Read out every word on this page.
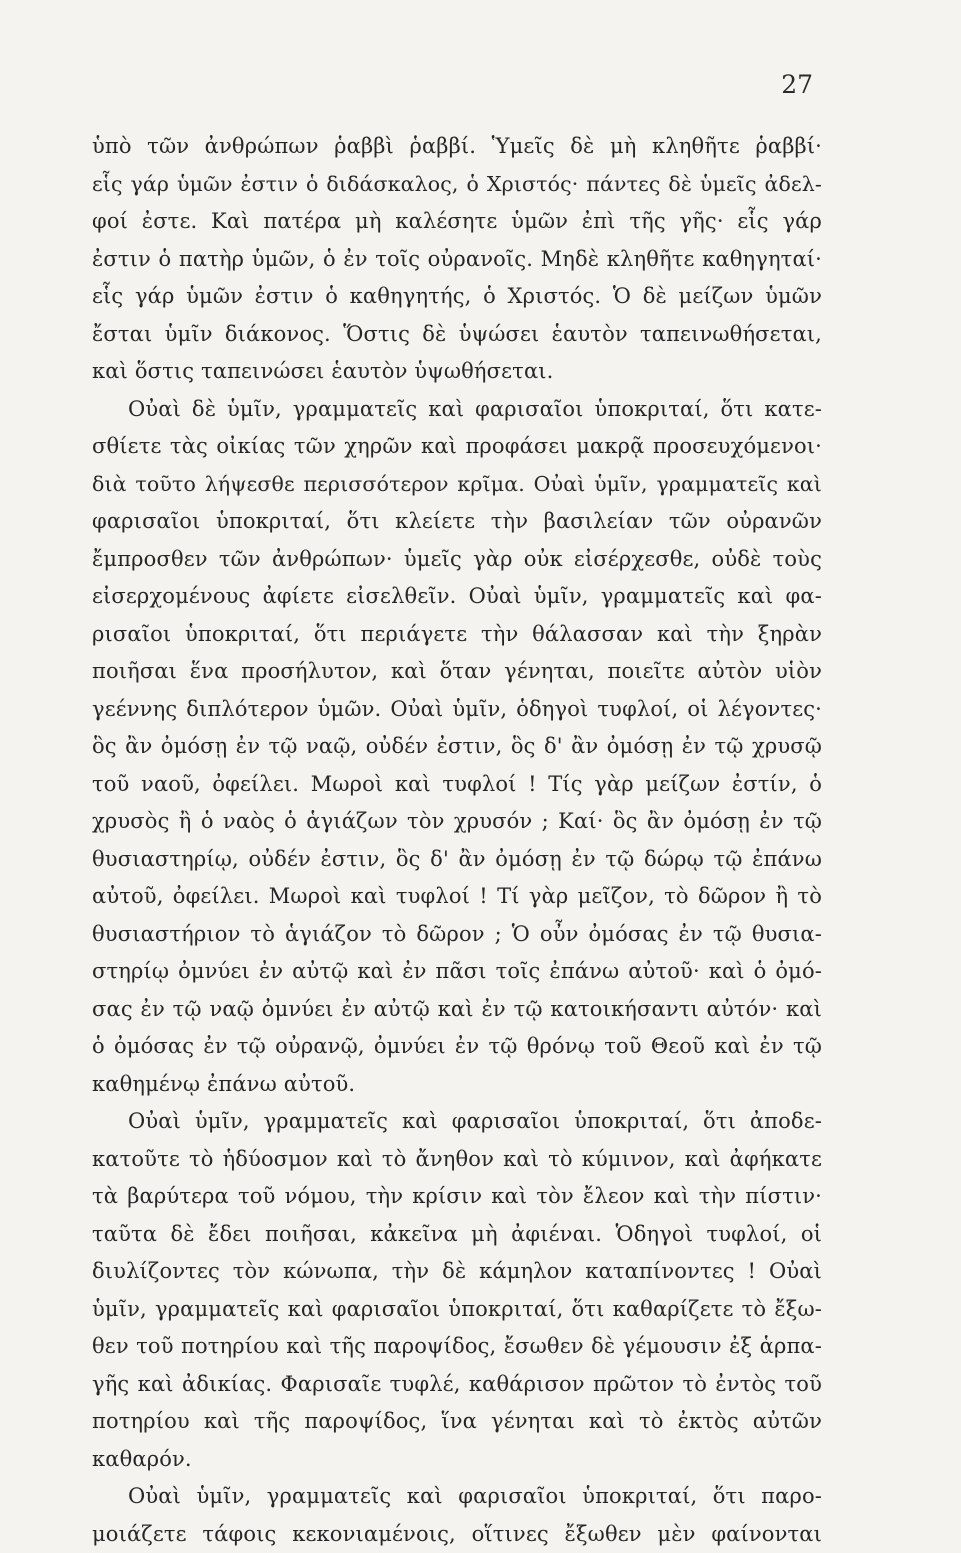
27
ὑπὸ τῶν ἀνθρώπων ῥαββὶ ῥαββί. Ὑμεῖς δὲ μὴ κληθῆτε ῥαββί·
εἷς γάρ ὑμῶν ἐστιν ὁ διδάσκαλος, ὁ Χριστός· πάντες δὲ ὑμεῖς ἀδελ-
φοί ἐστε. Καὶ πατέρα μὴ καλέσητε ὑμῶν ἐπὶ τῆς γῆς· εἷς γάρ
ἐστιν ὁ πατὴρ ὑμῶν, ὁ ἐν τοῖς οὐρανοῖς. Μηδὲ κληθῆτε καθηγηταί·
εἷς γάρ ὑμῶν ἐστιν ὁ καθηγητής, ὁ Χριστός. Ὁ δὲ μείζων ὑμῶν
ἔσται ὑμῖν διάκονος. Ὅστις δὲ ὑψώσει ἑαυτὸν ταπεινωθήσεται,
καὶ ὅστις ταπεινώσει ἑαυτὸν ὑψωθήσεται.
Οὐαὶ δὲ ὑμῖν, γραμματεῖς καὶ φαρισαῖοι ὑποκριταί, ὅτι κατε-
σθίετε τὰς οἰκίας τῶν χηρῶν καὶ προφάσει μακρᾷ προσευχόμενοι·
διὰ τοῦτο λήψεσθε περισσότερον κρῖμα. Οὐαὶ ὑμῖν, γραμματεῖς καὶ
φαρισαῖοι ὑποκριταί, ὅτι κλείετε τὴν βασιλείαν τῶν οὐρανῶν
ἔμπροσθεν τῶν ἀνθρώπων· ὑμεῖς γὰρ οὐκ εἰσέρχεσθε, οὐδὲ τοὺς
εἰσερχομένους ἀφίετε εἰσελθεῖν. Οὐαὶ ὑμῖν, γραμματεῖς καὶ φα-
ρισαῖοι ὑποκριταί, ὅτι περιάγετε τὴν θάλασσαν καὶ τὴν ξηρὰν
ποιῆσαι ἕνα προσήλυτον, καὶ ὅταν γένηται, ποιεῖτε αὐτὸν υἱὸν
γεέννης διπλότερον ὑμῶν. Οὐαὶ ὑμῖν, ὁδηγοὶ τυφλοί, οἱ λέγοντες·
ὃς ἂν ὀμόσῃ ἐν τῷ ναῷ, οὐδέν ἐστιν, ὃς δ' ἂν ὀμόσῃ ἐν τῷ χρυσῷ
τοῦ ναοῦ, ὀφείλει. Μωροὶ καὶ τυφλοί ! Τίς γὰρ μείζων ἐστίν, ὁ
χρυσὸς ἢ ὁ ναὸς ὁ ἁγιάζων τὸν χρυσόν ; Καί· ὃς ἂν ὀμόσῃ ἐν τῷ
θυσιαστηρίῳ, οὐδέν ἐστιν, ὃς δ' ἂν ὀμόσῃ ἐν τῷ δώρῳ τῷ ἐπάνω
αὐτοῦ, ὀφείλει. Μωροὶ καὶ τυφλοί ! Τί γὰρ μεῖζον, τὸ δῶρον ἢ τὸ
θυσιαστήριον τὸ ἁγιάζον τὸ δῶρον ; Ὁ οὖν ὀμόσας ἐν τῷ θυσια-
στηρίῳ ὀμνύει ἐν αὐτῷ καὶ ἐν πᾶσι τοῖς ἐπάνω αὐτοῦ· καὶ ὁ ὀμό-
σας ἐν τῷ ναῷ ὀμνύει ἐν αὐτῷ καὶ ἐν τῷ κατοικήσαντι αὐτόν· καὶ
ὁ ὀμόσας ἐν τῷ οὐρανῷ, ὀμνύει ἐν τῷ θρόνῳ τοῦ Θεοῦ καὶ ἐν τῷ
καθημένῳ ἐπάνω αὐτοῦ.
Οὐαὶ ὑμῖν, γραμματεῖς καὶ φαρισαῖοι ὑποκριταί, ὅτι ἀποδε-
κατοῦτε τὸ ἡδύοσμον καὶ τὸ ἄνηθον καὶ τὸ κύμινον, καὶ ἀφήκατε
τὰ βαρύτερα τοῦ νόμου, τὴν κρίσιν καὶ τὸν ἔλεον καὶ τὴν πίστιν·
ταῦτα δὲ ἔδει ποιῆσαι, κἀκεῖνα μὴ ἀφιέναι. Ὁδηγοὶ τυφλοί, οἱ
διυλίζοντες τὸν κώνωπα, τὴν δὲ κάμηλον καταπίνοντες ! Οὐαὶ
ὑμῖν, γραμματεῖς καὶ φαρισαῖοι ὑποκριταί, ὅτι καθαρίζετε τὸ ἔξω-
θεν τοῦ ποτηρίου καὶ τῆς παροψίδος, ἔσωθεν δὲ γέμουσιν ἐξ ἁρπα-
γῆς καὶ ἀδικίας. Φαρισαῖε τυφλέ, καθάρισον πρῶτον τὸ ἐντὸς τοῦ
ποτηρίου καὶ τῆς παροψίδος, ἵνα γένηται καὶ τὸ ἐκτὸς αὐτῶν
καθαρόν.
Οὐαὶ ὑμῖν, γραμματεῖς καὶ φαρισαῖοι ὑποκριταί, ὅτι παρο-
μοιάζετε τάφοις κεκονιαμένοις, οἵτινες ἔξωθεν μὲν φαίνονται
